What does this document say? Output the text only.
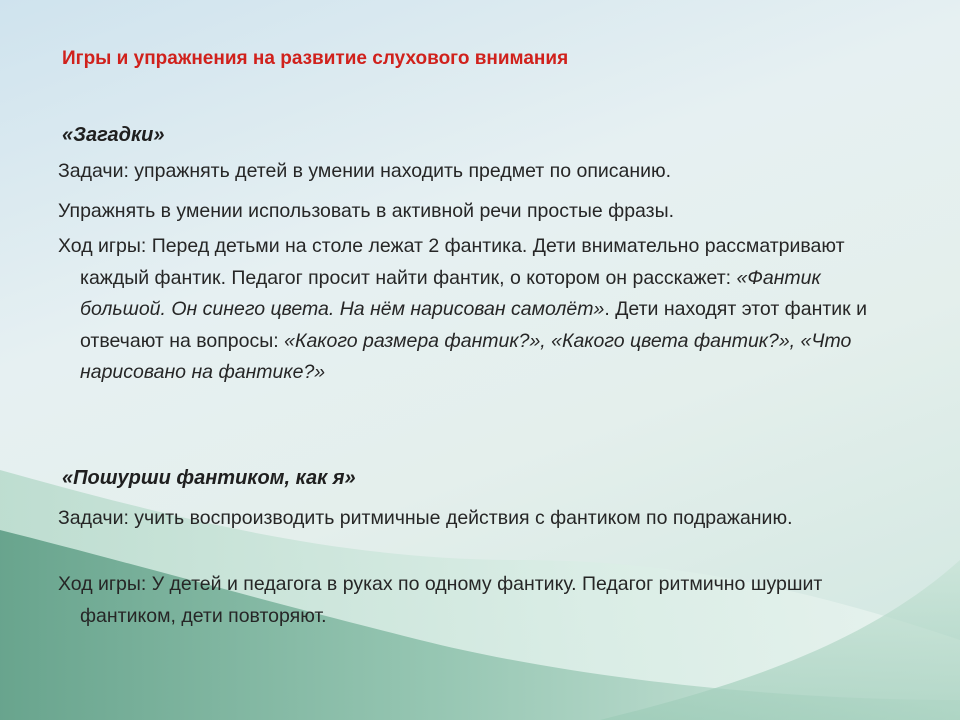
Игры и упражнения на развитие слухового внимания
«Загадки»
Задачи: упражнять детей в умении находить предмет по описанию.
Упражнять в умении использовать в активной речи простые фразы.
Ход игры: Перед детьми на столе лежат 2 фантика. Дети внимательно рассматривают каждый фантик. Педагог просит найти фантик, о котором он расскажет: «Фантик большой. Он синего цвета. На нём нарисован самолёт». Дети находят этот фантик и отвечают на вопросы: «Какого размера фантик?», «Какого цвета фантик?», «Что нарисовано на фантике?»
«Пошурши фантиком, как я»
Задачи: учить воспроизводить ритмичные действия с фантиком по подражанию.
Ход игры: У детей и педагога в руках по одному фантику. Педагог ритмично шуршит фантиком, дети повторяют.
